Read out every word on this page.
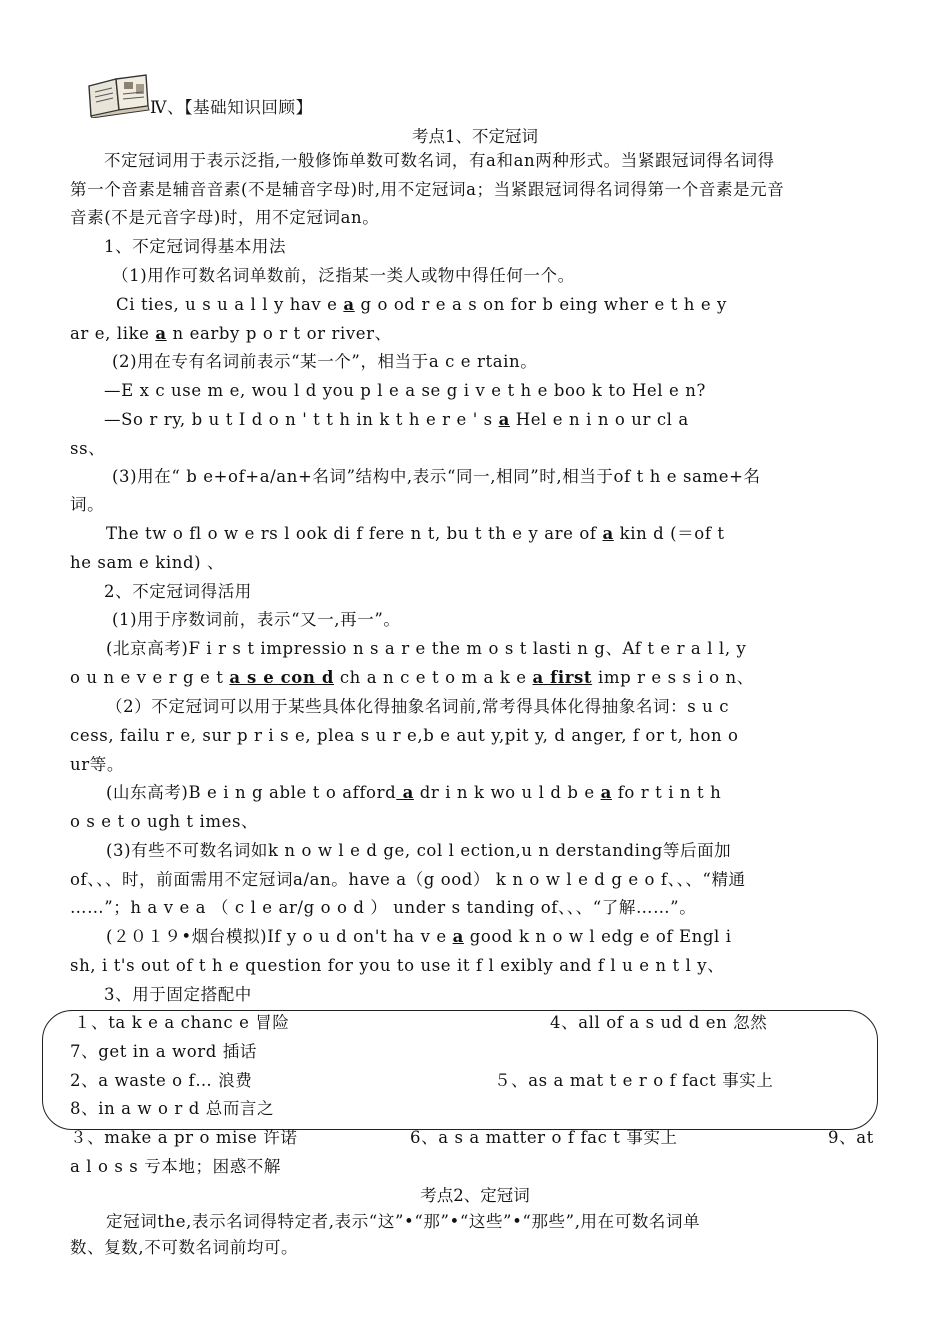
Ⅳ、【基础知识回顾】
考点1、不定冠词
不定冠词用于表示泛指,一般修饰单数可数名词，有a和an两种形式。当紧跟冠词得名词得
第一个音素是辅音音素(不是辅音字母)时,用不定冠词a；当紧跟冠词得名词得第一个音素是元音
音素(不是元音字母)时，用不定冠词an。
1、不定冠词得基本用法
（1)用作可数名词单数前，泛指某一类人或物中得任何一个。
Ci ties, u s u a l l y hav e a g o od r e a s on for b eing wher e t h e y
ar e, like a n earby p o r t or river、
(2)用在专有名词前表示“某一个”，相当于a c e rtain。
—E x c use m e, wou l d you p l e a se g i v e t h e boo k to Hel e n?
—So r ry, b u t I d o n ' t t h in k t h e r e ' s a Hel e n i n o ur cl a
ss、
(3)用在“ b e+of+a/an+名词”结构中,表示“同一,相同”时,相当于of t h e same+名
词。
The tw o fl o w e rs l ook di f fere n t, bu t th e y are of a kin d (＝of t
he sam e kind) 、
2、不定冠词得活用
(1)用于序数词前，表示“又一,再一”。
(北京高考)F i r s t impressio n s a r e the m o s t lasti n g、Af t e r a l l, y
o u n e v e r g e t a s e con d ch a n c e t o m a k e a first imp r e s s i o n、
（2）不定冠词可以用于某些具体化得抽象名词前,常考得具体化得抽象名词：s u c
cess, failu r e, sur p r i s e, plea s u r e,b e aut y,pit y, d anger, f or t, hon o
ur等。
(山东高考)B e i n g able t o afford a dr i n k wo u l d b e a fo r t i n t h
o s e t o ugh t imes、
(3)有些不可数名词如k n o w l e d ge, col l ection,u n derstanding等后面加
of、、、时，前面需用不定冠词a/an。have a（g ood） k n o w l e d g e o f、、、“精通
……”；h a v e a （ c l e ar/g o o d ） under s tanding of、、、“了解……”。
(２０１９•烟台模拟)If y o u d on't ha v e a good k n o w l edg e of Engl i
sh, i t's out of t h e question for you to use it f l exibly and f l u e n t l y、
3、用于固定搭配中
１、ta k e a chanc e 冒险	4、all of a s ud d en 忽然
7、get in a word 插话
2、a waste o f… 浪费	５、as a mat t e r o f fact 事实上
8、in a w o r d 总而言之
３、make a pr o mise 许诺	6、a s a matter o f fac t 事实上	9、at
a l o s s 亏本地；困惑不解
考点2、定冠词
定冠词the,表示名词得特定者,表示“这”•“那”•“这些”•“那些”,用在可数名词单
数、复数,不可数名词前均可。
